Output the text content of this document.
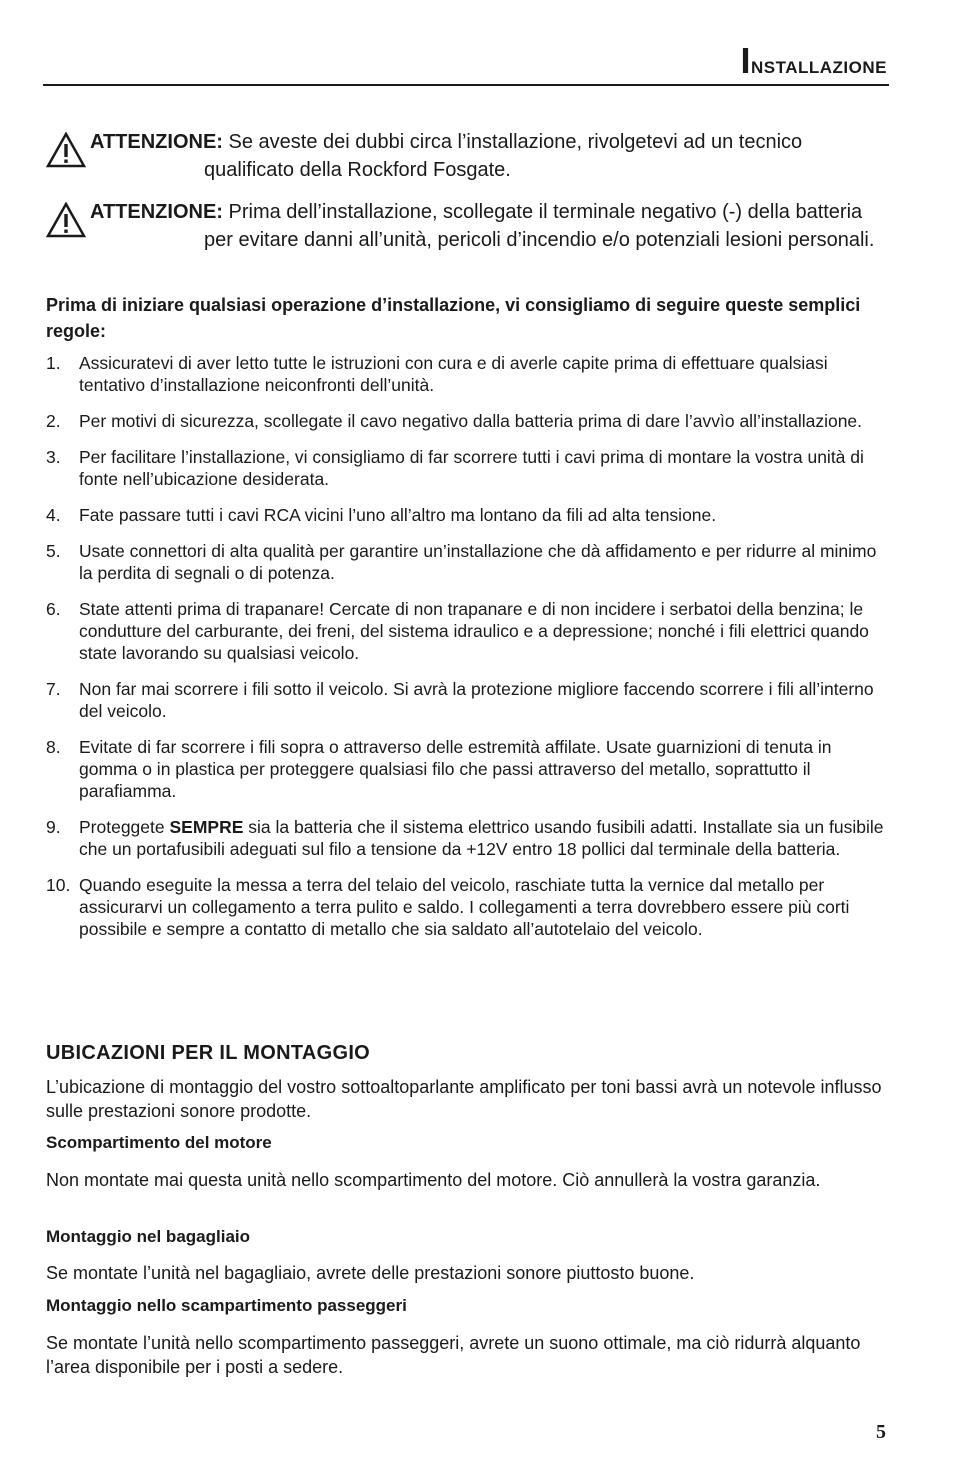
Installazione
ATTENZIONE: Se aveste dei dubbi circa l’installazione, rivolgetevi ad un tecnico qualificato della Rockford Fosgate.
ATTENZIONE: Prima dell’installazione, scollegate il terminale negativo (-) della batteria per evitare danni all’unità, pericoli d’incendio e/o potenziali lesioni personali.
Prima di iniziare qualsiasi operazione d’installazione, vi consigliamo di seguire queste semplici regole:
1. Assicuratevi di aver letto tutte le istruzioni con cura e di averle capite prima di effettuare qualsiasi tentativo d’installazione neiconfronti dell’unità.
2. Per motivi di sicurezza, scollegate il cavo negativo dalla batteria prima di dare l’avvìo all’installazione.
3. Per facilitare l’installazione, vi consigliamo di far scorrere tutti i cavi prima di montare la vostra unità di fonte nell’ubicazione desiderata.
4. Fate passare tutti i cavi RCA vicini l’uno all’altro ma lontano da fili ad alta tensione.
5. Usate connettori di alta qualità per garantire un’installazione che dà affidamento e per ridurre al minimo la perdita di segnali o di potenza.
6. State attenti prima di trapanare! Cercate di non trapanare e di non incidere i serbatoi della benzina; le condutture del carburante, dei freni, del sistema idraulico e a depressione; nonché i fili elettrici quando state lavorando su qualsiasi veicolo.
7. Non far mai scorrere i fili sotto il veicolo. Si avrà la protezione migliore faccendo scorrere i fili all’interno del veicolo.
8. Evitate di far scorrere i fili sopra o attraverso delle estremità affilate. Usate guarnizioni di tenuta in gomma o in plastica per proteggere qualsiasi filo che passi attraverso del metallo, soprattutto il parafiamma.
9. Proteggete SEMPRE sia la batteria che il sistema elettrico usando fusibili adatti. Installate sia un fusibile che un portafusibili adeguati sul filo a tensione da +12V entro 18 pollici dal terminale della batteria.
10. Quando eseguite la messa a terra del telaio del veicolo, raschiate tutta la vernice dal metallo per assicurarvi un collegamento a terra pulito e saldo. I collegamenti a terra dovrebbero essere più corti possibile e sempre a contatto di metallo che sia saldato all’autotelaio del veicolo.
UBICAZIONI PER IL MONTAGGIO
L’ubicazione di montaggio del vostro sottoaltoparlante amplificato per toni bassi avrà un notevole influsso sulle prestazioni sonore prodotte.
Scompartimento del motore
Non montate mai questa unità nello scompartimento del motore. Ciò annullerà la vostra garanzia.
Montaggio nel bagagliaio
Se montate l’unità nel bagagliaio, avrete delle prestazioni sonore piuttosto buone.
Montaggio nello scampartimento passeggeri
Se montate l’unità nello scompartimento passeggeri, avrete un suono ottimale, ma ciò ridurrà alquanto l’area disponibile per i posti a sedere.
5
